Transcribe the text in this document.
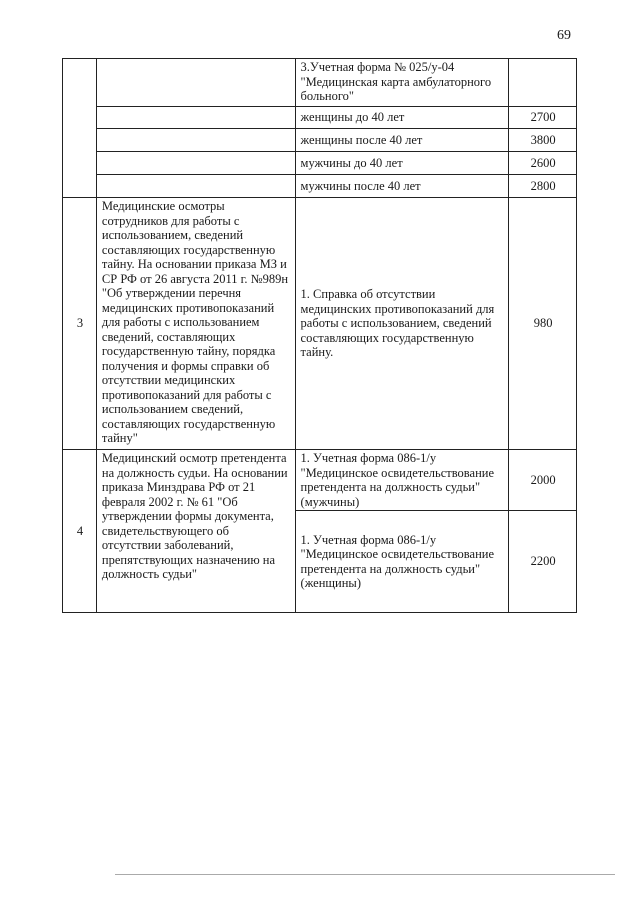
69
		3.Учетная форма № 025/у-04 "Медицинская карта амбулаторного больного"	
		женщины до 40 лет	2700
		женщины после 40 лет	3800
		мужчины до 40 лет	2600
		мужчины после 40 лет	2800
3	Медицинские осмотры сотрудников для работы с использованием, сведений составляющих государственную тайну. На основании приказа МЗ и СР РФ от 26 августа 2011 г. №989н "Об утверждении перечня медицинских противопоказаний для работы с использованием сведений, составляющих государственную тайну, порядка получения и формы справки об отсутствии медицинских противопоказаний для работы с использованием сведений, составляющих государственную тайну"	1. Справка об отсутствии медицинских противопоказаний для работы с использованием, сведений составляющих государственную тайну.	980
4	Медицинский осмотр претендента на должность судьи. На основании приказа Минздрава РФ от 21 февраля 2002 г. № 61 "Об утверждении формы документа, свидетельствующего об отсутствии заболеваний, препятствующих назначению на должность судьи"	1. Учетная форма 086-1/у "Медицинское освидетельствование претендента на должность судьи" (мужчины)	2000
		1. Учетная форма 086-1/у "Медицинское освидетельствование претендента на должность судьи" (женщины)	2200
